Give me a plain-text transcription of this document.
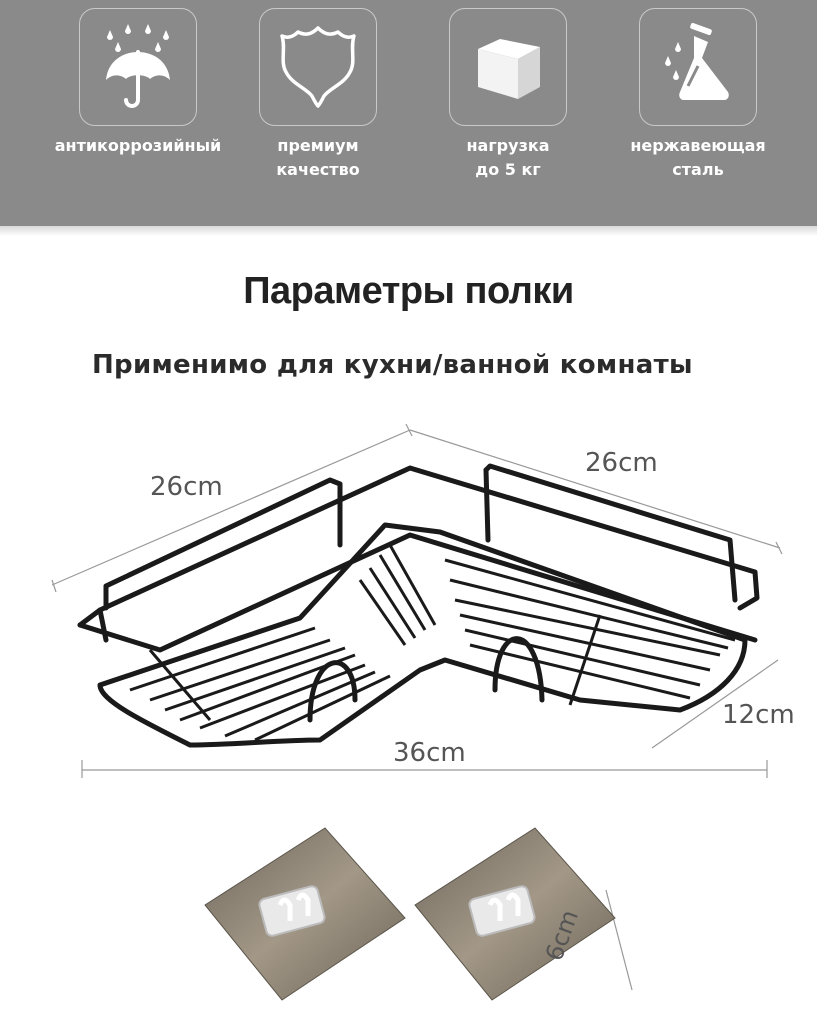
антикоррозийный	премиум
качество
нагрузка
до 5 кг
нержавеющая
сталь
Параметры полки
Применимо для кухни/ванной комнаты
26cm
26cm
12cm
36cm
6cm
